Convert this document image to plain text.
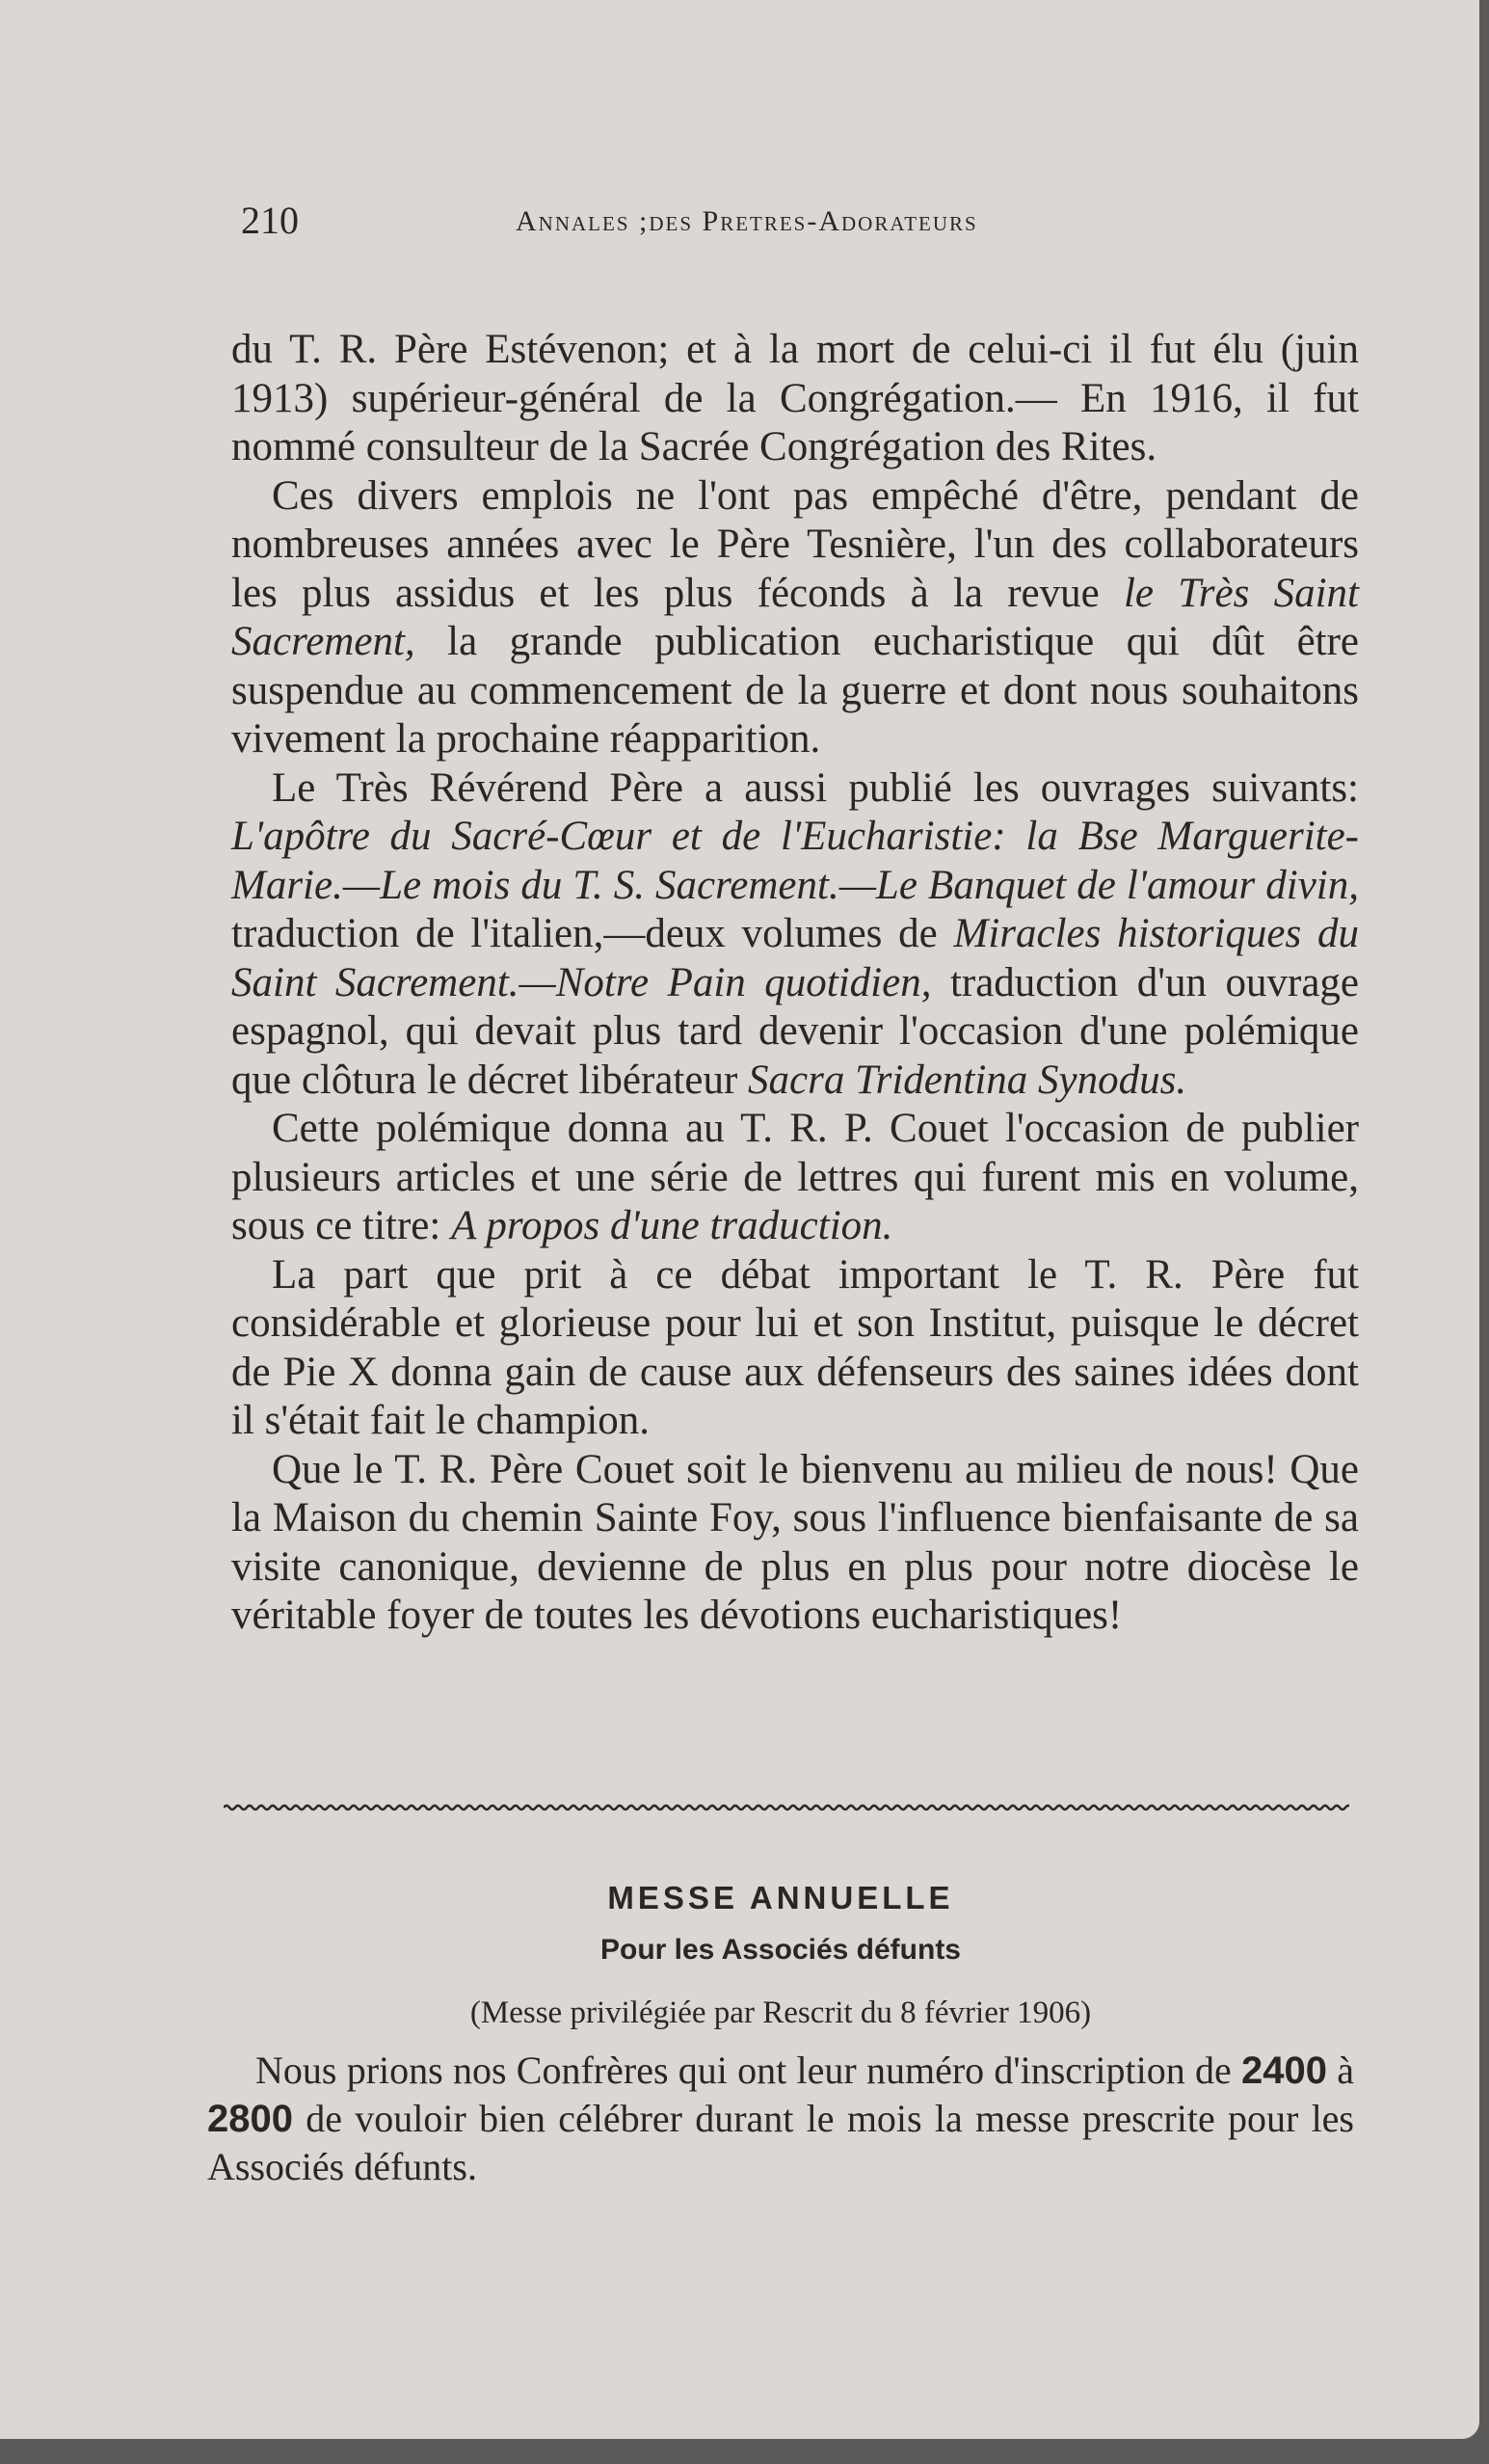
210	Annales ;des Pretres-Adorateurs

du T. R. Père Estévenon; et à la mort de celui-ci il fut élu (juin 1913) supérieur-général de la Congrégation.— En 1916, il fut nommé consulteur de la Sacrée Congrégation des Rites.

Ces divers emplois ne l'ont pas empêché d'être, pendant de nombreuses années avec le Père Tesnière, l'un des collaborateurs les plus assidus et les plus féconds à la revue le Très Saint Sacrement, la grande publication eucharistique qui dût être suspendue au commencement de la guerre et dont nous souhaitons vivement la prochaine réapparition.

Le Très Révérend Père a aussi publié les ouvrages suivants: L'apôtre du Sacré-Cœur et de l'Eucharistie: la Bse Marguerite-Marie.—Le mois du T. S. Sacrement.—Le Banquet de l'amour divin, traduction de l'italien,—deux volumes de Miracles historiques du Saint Sacrement.—Notre Pain quotidien, traduction d'un ouvrage espagnol, qui devait plus tard devenir l'occasion d'une polémique que clôtura le décret libérateur Sacra Tridentina Synodus.

Cette polémique donna au T. R. P. Couet l'occasion de publier plusieurs articles et une série de lettres qui furent mis en volume, sous ce titre: A propos d'une traduction.

La part que prit à ce débat important le T. R. Père fut considérable et glorieuse pour lui et son Institut, puisque le décret de Pie X donna gain de cause aux défenseurs des saines idées dont il s'était fait le champion.

Que le T. R. Père Couet soit le bienvenu au milieu de nous! Que la Maison du chemin Sainte Foy, sous l'influence bienfaisante de sa visite canonique, devienne de plus en plus pour notre diocèse le véritable foyer de toutes les dévotions eucharistiques!

MESSE ANNUELLE

Pour les Associés défunts

(Messe privilégiée par Rescrit du 8 février 1906)

Nous prions nos Confrères qui ont leur numéro d'inscription de 2400 à 2800 de vouloir bien célébrer durant le mois la messe prescrite pour les Associés défunts.
